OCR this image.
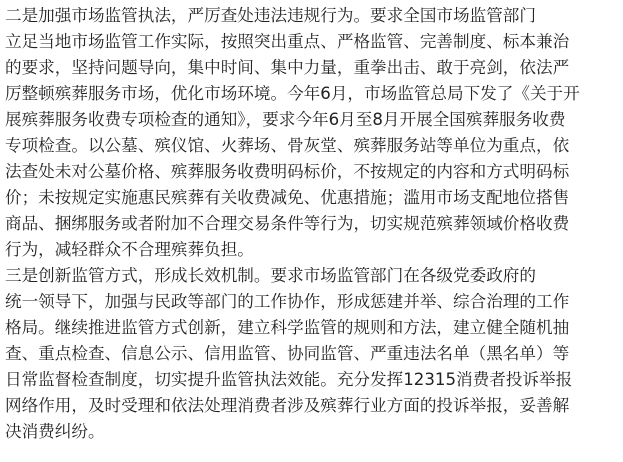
二是加强市场监管执法，严厉查处违法违规行为。要求全国市场监管部门
立足当地市场监管工作实际，按照突出重点、严格监管、完善制度、标本兼治
的要求，坚持问题导向，集中时间、集中力量，重拳出击、敢于亮剑，依法严
厉整顿殡葬服务市场，优化市场环境。今年6月，市场监管总局下发了《关于开
展殡葬服务收费专项检查的通知》，要求今年6月至8月开展全国殡葬服务收费
专项检查。以公墓、殡仪馆、火葬场、骨灰堂、殡葬服务站等单位为重点，依
法查处未对公墓价格、殡葬服务收费明码标价，不按规定的内容和方式明码标
价；未按规定实施惠民殡葬有关收费减免、优惠措施；滥用市场支配地位搭售
商品、捆绑服务或者附加不合理交易条件等行为，切实规范殡葬领域价格收费
行为，减轻群众不合理殡葬负担。
三是创新监管方式，形成长效机制。要求市场监管部门在各级党委政府的
统一领导下，加强与民政等部门的工作协作，形成惩建并举、综合治理的工作
格局。继续推进监管方式创新，建立科学监管的规则和方法，建立健全随机抽
查、重点检查、信息公示、信用监管、协同监管、严重违法名单（黑名单）等
日常监督检查制度，切实提升监管执法效能。充分发挥12315消费者投诉举报
网络作用，及时受理和依法处理消费者涉及殡葬行业方面的投诉举报，妥善解
决消费纠纷。
